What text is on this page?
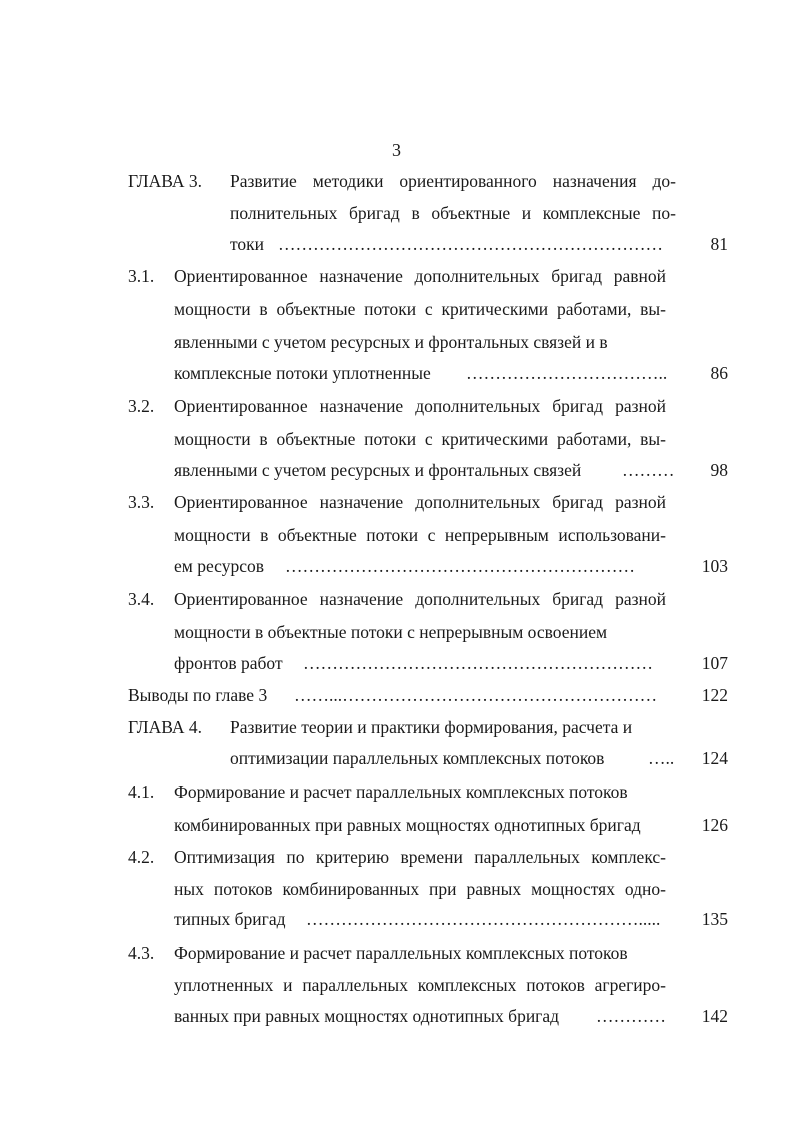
3
ГЛАВА 3. Развитие методики ориентированного назначения до-
полнительных бригад в объектные и комплексные по-
токи …………………………………………………………	81
3.1. Ориентированное назначение дополнительных бригад равной
мощности в объектные потоки с критическими работами, вы-
явленными с учетом ресурсных и фронтальных связей и в
комплексные потоки уплотненные ……………………………..	86
3.2. Ориентированное назначение дополнительных бригад разной
мощности в объектные потоки с критическими работами, вы-
явленными с учетом ресурсных и фронтальных связей ………	98
3.3. Ориентированное назначение дополнительных бригад разной
мощности в объектные потоки с непрерывным использовани-
ем ресурсов ……………………………………………………	103
3.4. Ориентированное назначение дополнительных бригад разной
мощности в объектные потоки с непрерывным освоением
фронтов работ ……………………………………………………	107
Выводы по главе 3 ……...………………………………………………	122
ГЛАВА 4. Развитие теории и практики формирования, расчета и
оптимизации параллельных комплексных потоков …..	124
4.1. Формирование и расчет параллельных комплексных потоков
комбинированных при равных мощностях однотипных бригад	126
4.2. Оптимизация по критерию времени параллельных комплекс-
ных потоков комбинированных при равных мощностях одно-
типных бригад ………………………………………………….....	135
4.3. Формирование и расчет параллельных комплексных потоков
уплотненных и параллельных комплексных потоков агрегиро-
ванных при равных мощностях однотипных бригад …………	142
